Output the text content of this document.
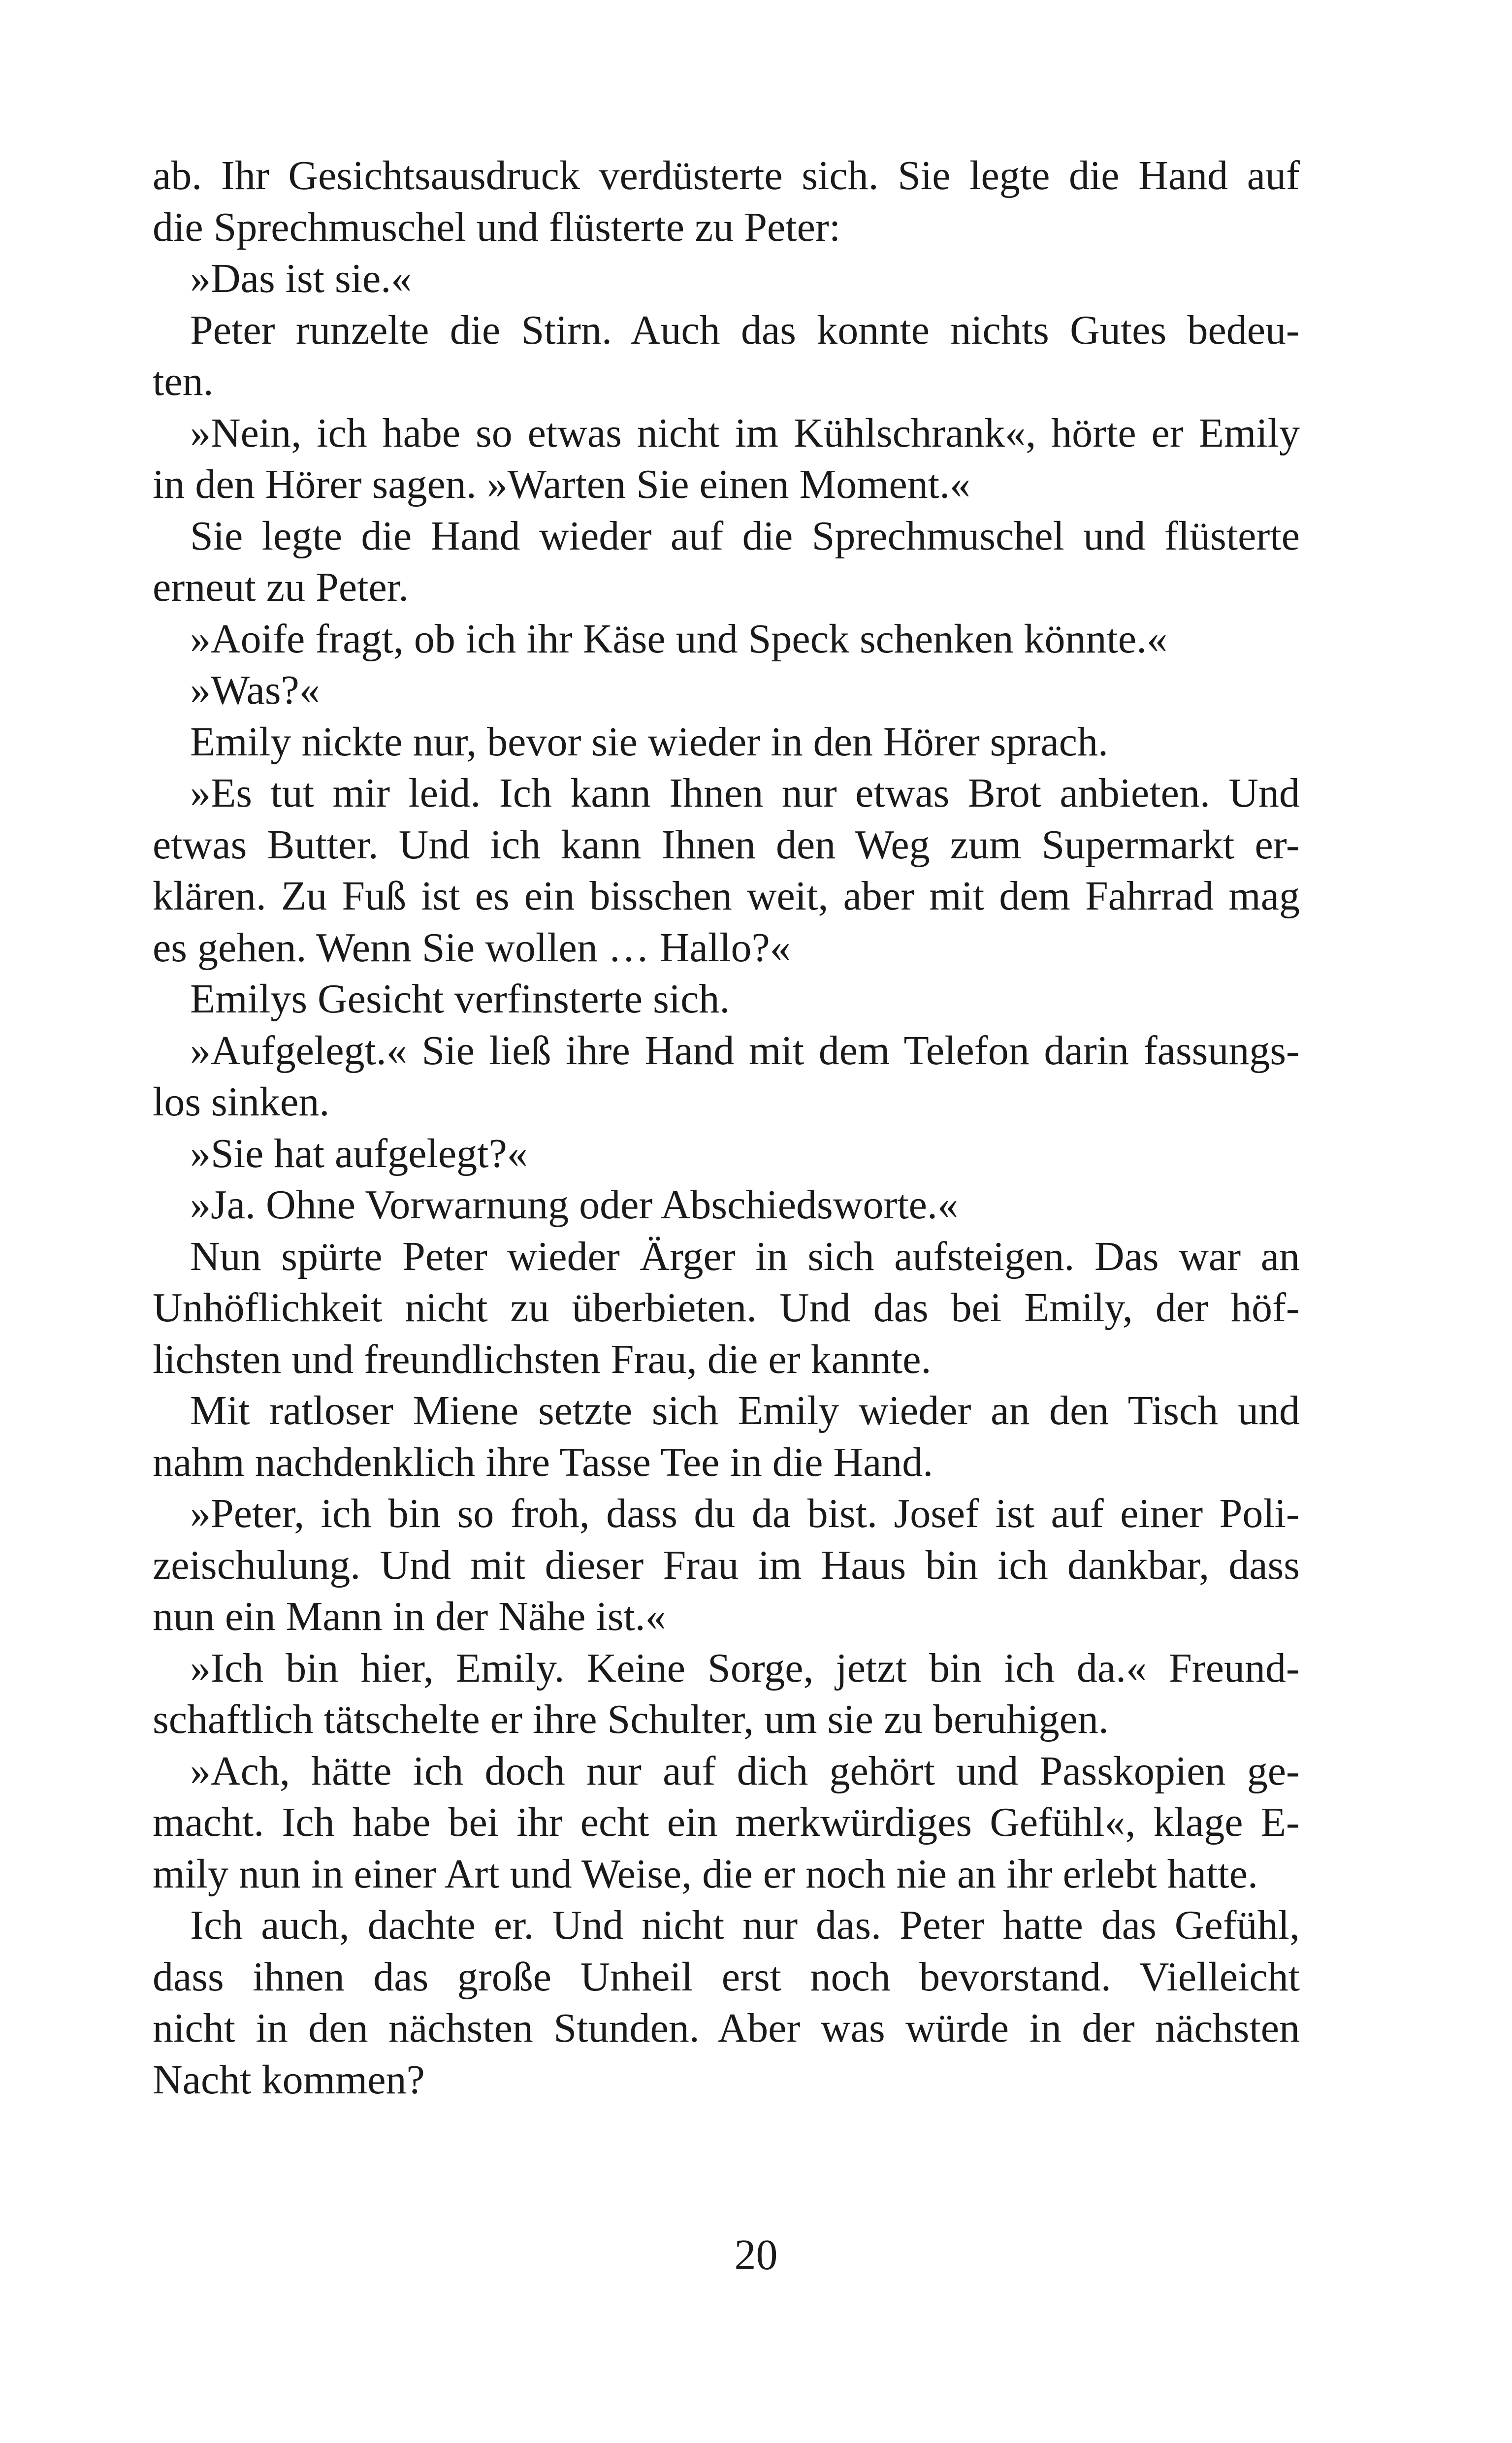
ab. Ihr Gesichtsausdruck verdüsterte sich. Sie legte die Hand auf
die Sprechmuschel und flüsterte zu Peter:
»Das ist sie.«
Peter runzelte die Stirn. Auch das konnte nichts Gutes bedeu-
ten.
»Nein, ich habe so etwas nicht im Kühlschrank«, hörte er Emily
in den Hörer sagen. »Warten Sie einen Moment.«
Sie legte die Hand wieder auf die Sprechmuschel und flüsterte
erneut zu Peter.
»Aoife fragt, ob ich ihr Käse und Speck schenken könnte.«
»Was?«
Emily nickte nur, bevor sie wieder in den Hörer sprach.
»Es tut mir leid. Ich kann Ihnen nur etwas Brot anbieten. Und
etwas Butter. Und ich kann Ihnen den Weg zum Supermarkt er-
klären. Zu Fuß ist es ein bisschen weit, aber mit dem Fahrrad mag
es gehen. Wenn Sie wollen … Hallo?«
Emilys Gesicht verfinsterte sich.
»Aufgelegt.« Sie ließ ihre Hand mit dem Telefon darin fassungs-
los sinken.
»Sie hat aufgelegt?«
»Ja. Ohne Vorwarnung oder Abschiedsworte.«
Nun spürte Peter wieder Ärger in sich aufsteigen. Das war an
Unhöflichkeit nicht zu überbieten. Und das bei Emily, der höf-
lichsten und freundlichsten Frau, die er kannte.
Mit ratloser Miene setzte sich Emily wieder an den Tisch und
nahm nachdenklich ihre Tasse Tee in die Hand.
»Peter, ich bin so froh, dass du da bist. Josef ist auf einer Poli-
zeischulung. Und mit dieser Frau im Haus bin ich dankbar, dass
nun ein Mann in der Nähe ist.«
»Ich bin hier, Emily. Keine Sorge, jetzt bin ich da.« Freund-
schaftlich tätschelte er ihre Schulter, um sie zu beruhigen.
»Ach, hätte ich doch nur auf dich gehört und Passkopien ge-
macht. Ich habe bei ihr echt ein merkwürdiges Gefühl«, klage E-
mily nun in einer Art und Weise, die er noch nie an ihr erlebt hatte.
Ich auch, dachte er. Und nicht nur das. Peter hatte das Gefühl,
dass ihnen das große Unheil erst noch bevorstand. Vielleicht
nicht in den nächsten Stunden. Aber was würde in der nächsten
Nacht kommen?
20
